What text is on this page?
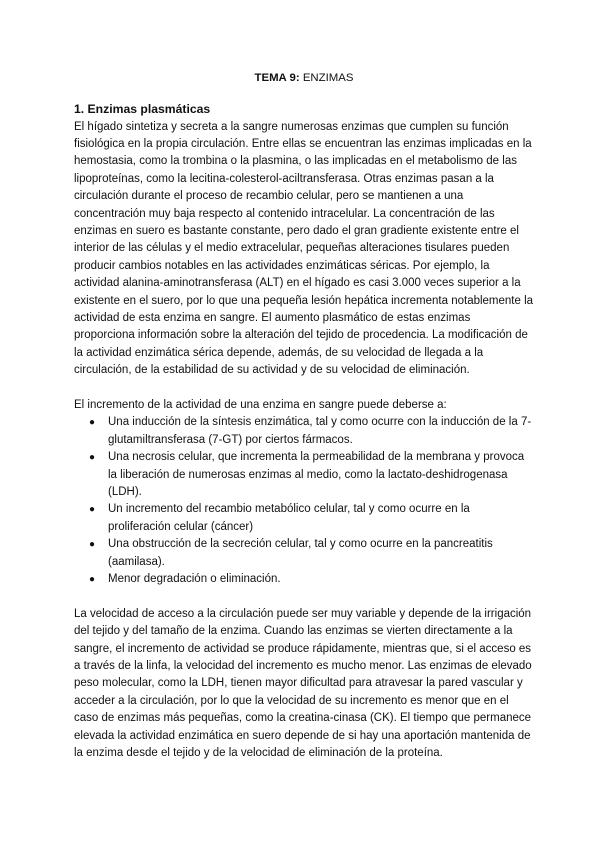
TEMA 9: ENZIMAS
1. Enzimas plasmáticas

El hígado sintetiza y secreta a la sangre numerosas enzimas que cumplen su función fisiológica en la propia circulación. Entre ellas se encuentran las enzimas implicadas en la hemostasia, como la trombina o la plasmina, o las implicadas en el metabolismo de las lipoproteínas, como la lecitina-colesterol-aciltransferasa. Otras enzimas pasan a la circulación durante el proceso de recambio celular, pero se mantienen a una concentración muy baja respecto al contenido intracelular. La concentración de las enzimas en suero es bastante constante, pero dado el gran gradiente existente entre el interior de las células y el medio extracelular, pequeñas alteraciones tisulares pueden producir cambios notables en las actividades enzimáticas séricas. Por ejemplo, la actividad alanina-aminotransferasa (ALT) en el hígado es casi 3.000 veces superior a la existente en el suero, por lo que una pequeña lesión hepática incrementa notablemente la actividad de esta enzima en sangre. El aumento plasmático de estas enzimas proporciona información sobre la alteración del tejido de procedencia. La modificación de la actividad enzimática sérica depende, además, de su velocidad de llegada a la circulación, de la estabilidad de su actividad y de su velocidad de eliminación.

El incremento de la actividad de una enzima en sangre puede deberse a:

● Una inducción de la síntesis enzimática, tal y como ocurre con la inducción de la 7- glutamiltransferasa (7-GT) por ciertos fármacos.
● Una necrosis celular, que incrementa la permeabilidad de la membrana y provoca la liberación de numerosas enzimas al medio, como la lactato-deshidrogenasa (LDH).
● Un incremento del recambio metabólico celular, tal y como ocurre en la proliferación celular (cáncer)
● Una obstrucción de la secreción celular, tal y como ocurre en la pancreatitis (aamilasa).
● Menor degradación o eliminación.

La velocidad de acceso a la circulación puede ser muy variable y depende de la irrigación del tejido y del tamaño de la enzima. Cuando las enzimas se vierten directamente a la sangre, el incremento de actividad se produce rápidamente, mientras que, si el acceso es a través de la linfa, la velocidad del incremento es mucho menor. Las enzimas de elevado peso molecular, como la LDH, tienen mayor dificultad para atravesar la pared vascular y acceder a la circulación, por lo que la velocidad de su incremento es menor que en el caso de enzimas más pequeñas, como la creatina-cinasa (CK). El tiempo que permanece elevada la actividad enzimática en suero depende de si hay una aportación mantenida de la enzima desde el tejido y de la velocidad de eliminación de la proteína.
